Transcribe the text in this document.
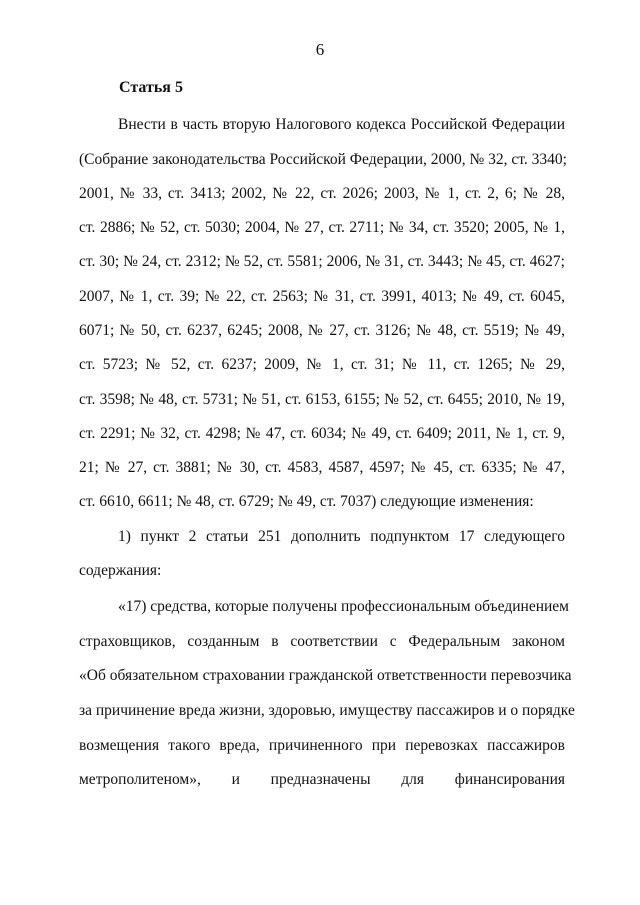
6
Статья 5
Внести в часть вторую Налогового кодекса Российской Федерации
(Собрание законодательства Российской Федерации, 2000, № 32, ст. 3340;
2001, № 33, ст. 3413; 2002, № 22, ст. 2026; 2003, № 1, ст. 2, 6; № 28,
ст. 2886; № 52, ст. 5030; 2004, № 27, ст. 2711; № 34, ст. 3520; 2005, № 1,
ст. 30; № 24, ст. 2312; № 52, ст. 5581; 2006, № 31, ст. 3443; № 45, ст. 4627;
2007, № 1, ст. 39; № 22, ст. 2563; № 31, ст. 3991, 4013; № 49, ст. 6045,
6071; № 50, ст. 6237, 6245; 2008, № 27, ст. 3126; № 48, ст. 5519; № 49,
ст. 5723; № 52, ст. 6237; 2009, № 1, ст. 31; № 11, ст. 1265; № 29,
ст. 3598; № 48, ст. 5731; № 51, ст. 6153, 6155; № 52, ст. 6455; 2010, № 19,
ст. 2291; № 32, ст. 4298; № 47, ст. 6034; № 49, ст. 6409; 2011, № 1, ст. 9,
21; № 27, ст. 3881; № 30, ст. 4583, 4587, 4597; № 45, ст. 6335; № 47,
ст. 6610, 6611; № 48, ст. 6729; № 49, ст. 7037) следующие изменения:
1) пункт 2 статьи 251 дополнить подпунктом 17 следующего
содержания:
«17) средства, которые получены профессиональным объединением
страховщиков, созданным в соответствии с Федеральным законом
«Об обязательном страховании гражданской ответственности перевозчика
за причинение вреда жизни, здоровью, имуществу пассажиров и о порядке
возмещения такого вреда, причиненного при перевозках пассажиров
метрополитеном», и предназначены для финансирования
